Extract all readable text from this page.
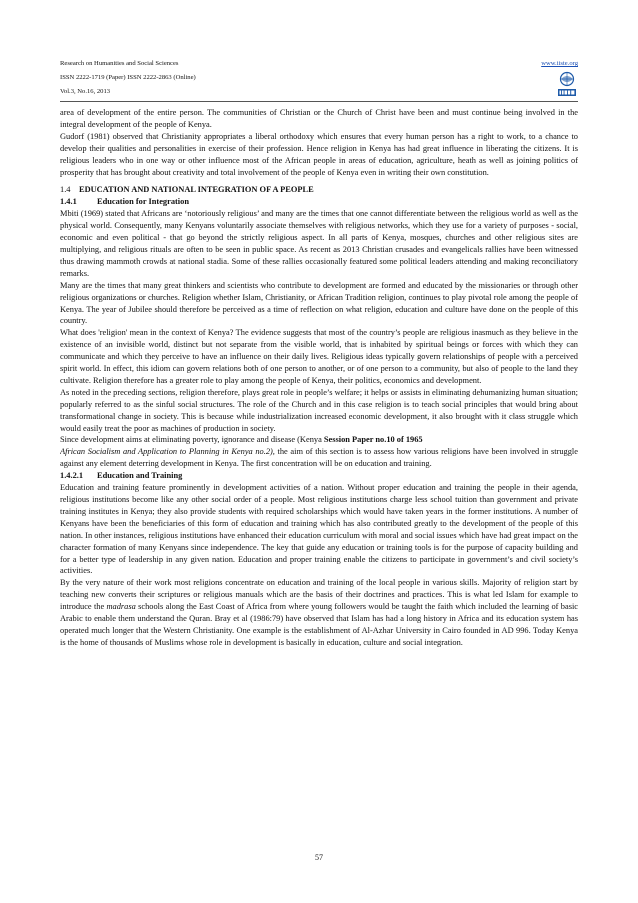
Research on Humanities and Social Sciences
ISSN 2222-1719 (Paper) ISSN 2222-2863 (Online)
Vol.3, No.16, 2013
www.iiste.org

area of development of the entire person. The communities of Christian or the Church of Christ have been and must continue being involved in the integral development of the people of Kenya.

Gudorf (1981) observed that Christianity appropriates a liberal orthodoxy which ensures that every human person has a right to work, to a chance to develop their qualities and personalities in exercise of their profession. Hence religion in Kenya has had great influence in liberating the citizens. It is religious leaders who in one way or other influence most of the African people in areas of education, agriculture, heath as well as joining politics of prosperity that has brought about creativity and total involvement of the people of Kenya even in writing their own constitution.

1.4 EDUCATION AND NATIONAL INTEGRATION OF A PEOPLE
1.4.1 Education for Integration

Mbiti (1969) stated that Africans are ‘notoriously religious’ and many are the times that one cannot differentiate between the religious world as well as the physical world. Consequently, many Kenyans voluntarily associate themselves with religious networks, which they use for a variety of purposes - social, economic and even political - that go beyond the strictly religious aspect. In all parts of Kenya, mosques, churches and other religious sites are multiplying, and religious rituals are often to be seen in public space. As recent as 2013 Christian crusades and evangelicals rallies have been witnessed thus drawing mammoth crowds at national stadia. Some of these rallies occasionally featured some political leaders attending and making reconciliatory remarks.

Many are the times that many great thinkers and scientists who contribute to development are formed and educated by the missionaries or through other religious organizations or churches. Religion whether Islam, Christianity, or African Tradition religion, continues to play pivotal role among the people of Kenya. The year of Jubilee should therefore be perceived as a time of reflection on what religion, education and culture have done on the people of this country.

What does 'religion' mean in the context of Kenya? The evidence suggests that most of the country’s people are religious inasmuch as they believe in the existence of an invisible world, distinct but not separate from the visible world, that is inhabited by spiritual beings or forces with which they can communicate and which they perceive to have an influence on their daily lives. Religious ideas typically govern relationships of people with a perceived spirit world. In effect, this idiom can govern relations both of one person to another, or of one person to a community, but also of people to the land they cultivate. Religion therefore has a greater role to play among the people of Kenya, their politics, economics and development.

As noted in the preceding sections, religion therefore, plays great role in people’s welfare; it helps or assists in eliminating dehumanizing human situation; popularly referred to as the sinful social structures. The role of the Church and in this case religion is to teach social principles that would bring about transformational change in society. This is because while industrialization increased economic development, it also brought with it class struggle which would easily treat the poor as machines of production in society.

Since development aims at eliminating poverty, ignorance and disease (Kenya Session Paper no.10 of 1965
African Socialism and Application to Planning in Kenya no.2), the aim of this section is to assess how various religions have been involved in struggle against any element deterring development in Kenya. The first concentration will be on education and training.

1.4.2.1 Education and Training

Education and training feature prominently in development activities of a nation. Without proper education and training the people in their agenda, religious institutions become like any other social order of a people. Most religious institutions charge less school tuition than government and private training institutes in Kenya; they also provide students with required scholarships which would have taken years in the former institutions. A number of Kenyans have been the beneficiaries of this form of education and training which has also contributed greatly to the development of the people of this nation. In other instances, religious institutions have enhanced their education curriculum with moral and social issues which have had great impact on the character formation of many Kenyans since independence. The key that guide any education or training tools is for the purpose of capacity building and for a better type of leadership in any given nation. Education and proper training enable the citizens to participate in government’s and civil society’s activities.

By the very nature of their work most religions concentrate on education and training of the local people in various skills. Majority of religion start by teaching new converts their scriptures or religious manuals which are the basis of their doctrines and practices. This is what led Islam for example to introduce the madrasa schools along the East Coast of Africa from where young followers would be taught the faith which included the learning of basic Arabic to enable them understand the Quran. Bray et al (1986:79) have observed that Islam has had a long history in Africa and its education system has operated much longer that the Western Christianity. One example is the establishment of Al-Azhar University in Cairo founded in AD 996. Today Kenya is the home of thousands of Muslims whose role in development is basically in education, culture and social integration.

57
